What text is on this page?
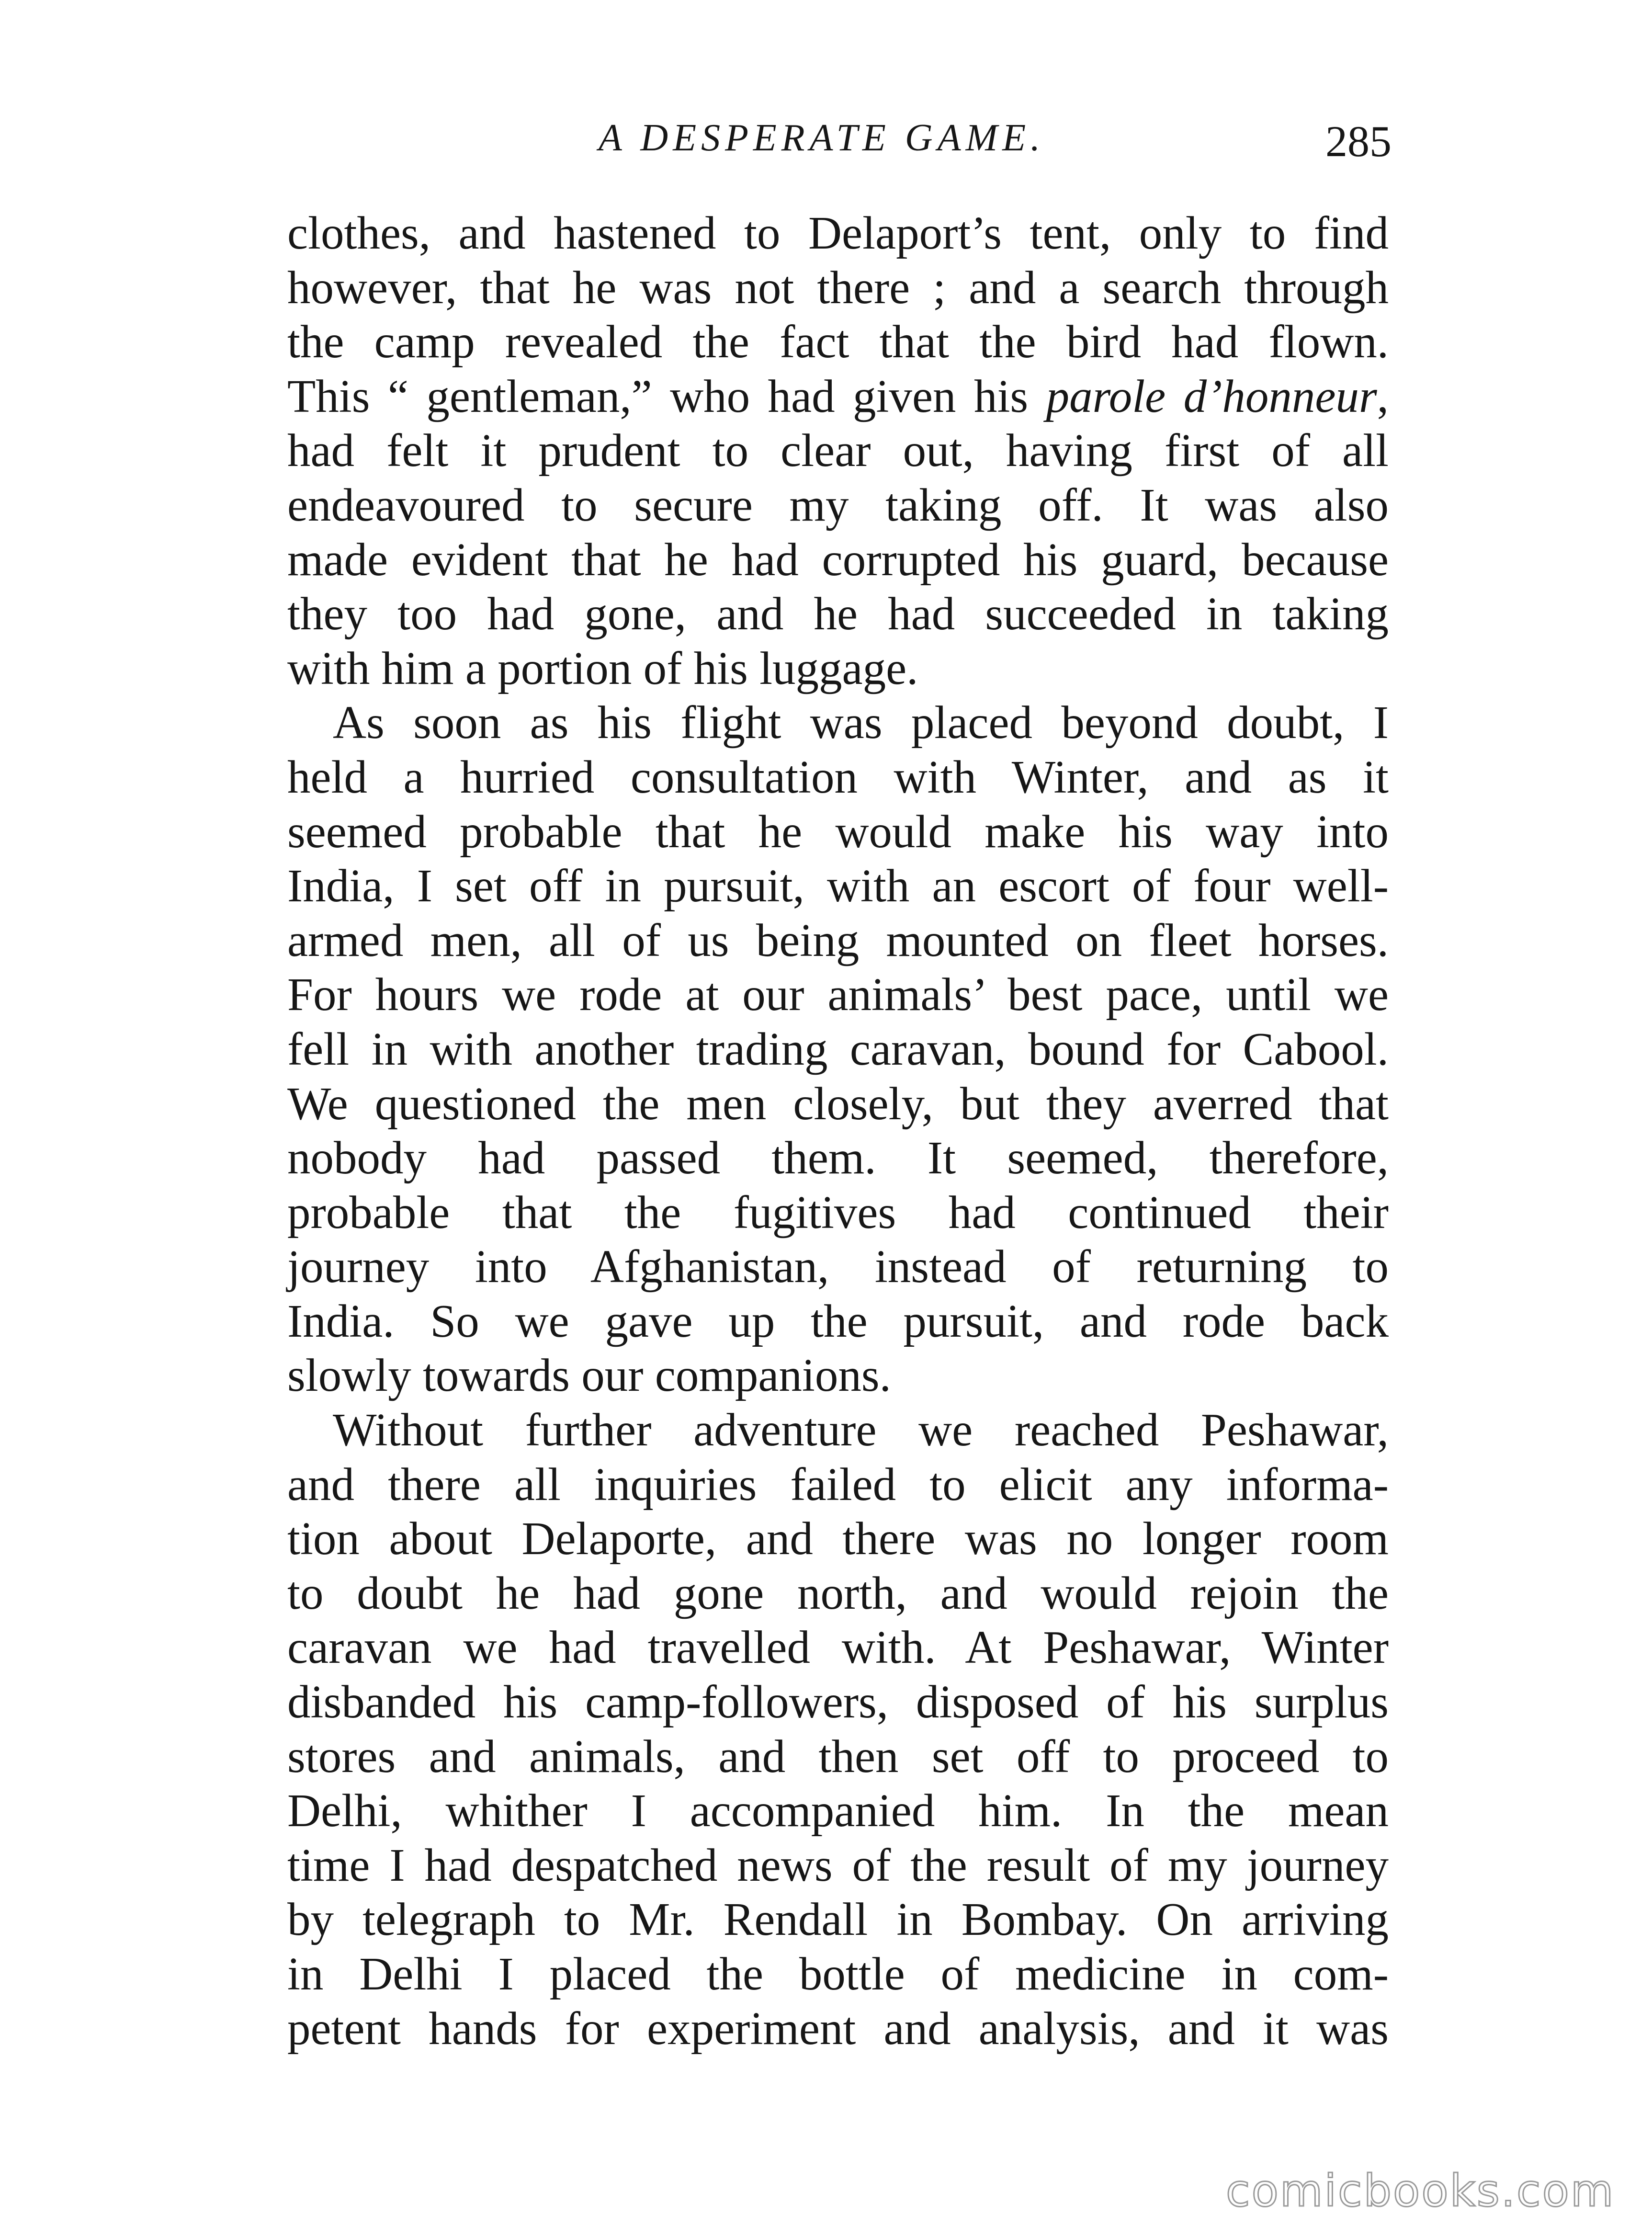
A DESPERATE GAME.	285
clothes, and hastened to Delaport’s tent, only to find
however, that he was not there ; and a search through
the camp revealed the fact that the bird had flown.
This “ gentleman,” who had given his parole d’honneur,
had felt it prudent to clear out, having first of all
endeavoured to secure my taking off. It was also
made evident that he had corrupted his guard, because
they too had gone, and he had succeeded in taking
with him a portion of his luggage.
As soon as his flight was placed beyond doubt, I
held a hurried consultation with Winter, and as it
seemed probable that he would make his way into
India, I set off in pursuit, with an escort of four well-
armed men, all of us being mounted on fleet horses.
For hours we rode at our animals’ best pace, until we
fell in with another trading caravan, bound for Cabool.
We questioned the men closely, but they averred that
nobody had passed them. It seemed, therefore,
probable that the fugitives had continued their
journey into Afghanistan, instead of returning to
India. So we gave up the pursuit, and rode back
slowly towards our companions.
Without further adventure we reached Peshawar,
and there all inquiries failed to elicit any informa-
tion about Delaporte, and there was no longer room
to doubt he had gone north, and would rejoin the
caravan we had travelled with. At Peshawar, Winter
disbanded his camp-followers, disposed of his surplus
stores and animals, and then set off to proceed to
Delhi, whither I accompanied him. In the mean
time I had despatched news of the result of my journey
by telegraph to Mr. Rendall in Bombay. On arriving
in Delhi I placed the bottle of medicine in com-
petent hands for experiment and analysis, and it was
comicbooks.com
